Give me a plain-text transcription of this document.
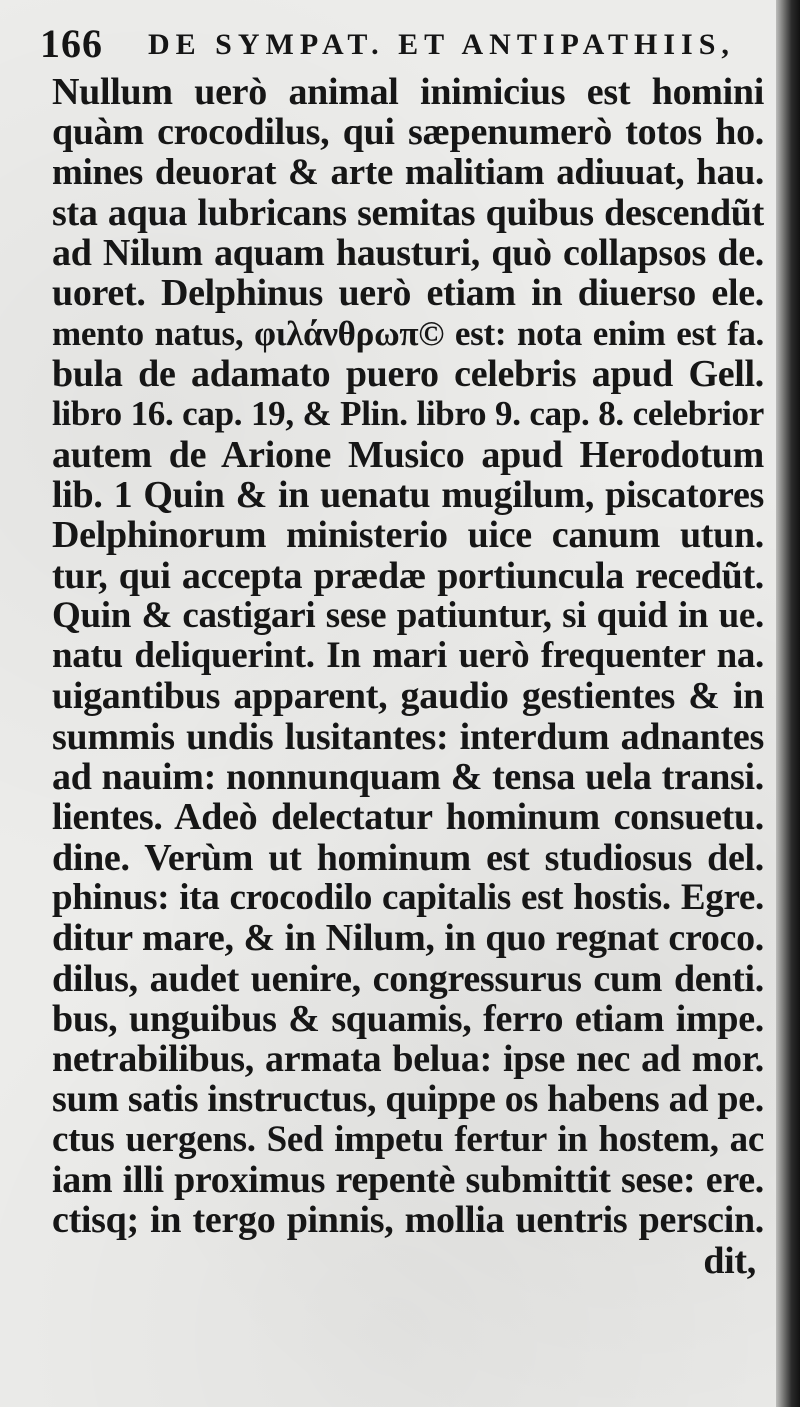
166 DE SYMPAT. ET ANTIPATHIIS,
Nullum uerò animal inimicius est homini
quàm crocodilus, qui sæpenumerò totos ho.
mines deuorat & arte malitiam adiuuat, hau.
sta aqua lubricans semitas quibus descendũt
ad Nilum aquam hausturi, quò collapsos de.
uoret. Delphinus uerò etiam in diuerso ele.
mento natus, φιλάνθρωπ© est: nota enim est fa.
bula de adamato puero celebris apud Gell.
libro 16. cap. 19, & Plin. libro 9. cap. 8. celebrior
autem de Arione Musico apud Herodotum
lib. 1 Quin & in uenatu mugilum, piscatores
Delphinorum ministerio uice canum utun.
tur, qui accepta prædæ portiuncula recedũt.
Quin & castigari sese patiuntur, si quid in ue.
natu deliquerint. In mari uerò frequenter na.
uigantibus apparent, gaudio gestientes & in
summis undis lusitantes: interdum adnantes
ad nauim: nonnunquam & tensa uela transi.
lientes. Adeò delectatur hominum consuetu.
dine. Verùm ut hominum est studiosus del.
phinus: ita crocodilo capitalis est hostis. Egre.
ditur mare, & in Nilum, in quo regnat croco.
dilus, audet uenire, congressurus cum denti.
bus, unguibus & squamis, ferro etiam impe.
netrabilibus, armata belua: ipse nec ad mor.
sum satis instructus, quippe os habens ad pe.
ctus uergens. Sed impetu fertur in hostem, ac
iam illi proximus repentè submittit sese: ere.
ctisq; in tergo pinnis, mollia uentris perscin.
dit,
